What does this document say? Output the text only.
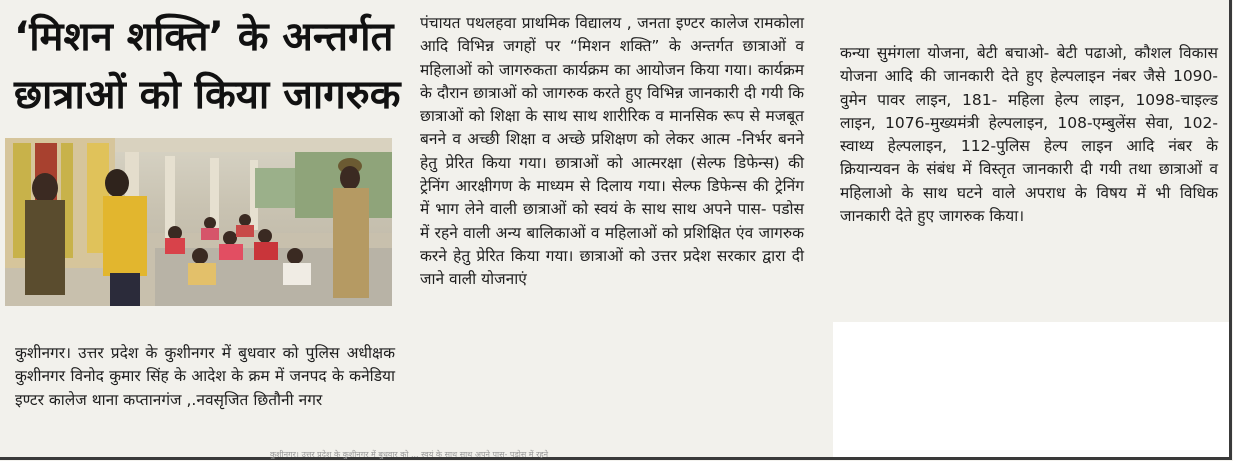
‘मिशन शक्ति’ के अन्तर्गत छात्राओं को किया जागरुक

कुशीनगर। उत्तर प्रदेश के कुशीनगर में बुधवार को पुलिस अधीक्षक कुशीनगर विनोद कुमार सिंह के आदेश के क्रम में जनपद के कनेडिया इण्टर कालेज थाना कप्तानगंज ,.नवसृजित छितौनी नगर

पंचायत पथलहवा प्राथमिक विद्यालय , जनता इण्टर कालेज रामकोला आदि विभिन्न जगहों पर “मिशन शक्ति” के अन्तर्गत छात्राओं व महिलाओं को जागरुकता कार्यक्रम का आयोजन किया गया। कार्यक्रम के दौरान छात्राओं को जागरुक करते हुए विभिन्न जानकारी दी गयी कि छात्राओं को शिक्षा के साथ साथ शारीरिक व मानसिक रूप से मजबूत बनने व अच्छी शिक्षा व अच्छे प्रशिक्षण को लेकर आत्म -निर्भर बनने हेतु प्रेरित किया गया। छात्राओं को आत्मरक्षा (सेल्फ डिफेन्स) की ट्रेनिंग आरक्षीगण के माध्यम से दिलाय गया। सेल्फ डिफेन्स की ट्रेनिंग में भाग लेने वाली छात्राओं को स्वयं के साथ साथ अपने पास- पडोस में रहने वाली अन्य बालिकाओं व महिलाओं को प्रशिक्षित एंव जागरुक करने हेतु प्रेरित किया गया। छात्राओं को उत्तर प्रदेश सरकार द्वारा दी जाने वाली योजनाएं

कन्या सुमंगला योजना, बेटी बचाओ- बेटी पढाओ, कौशल विकास योजना आदि की जानकारी देते हुए हेल्पलाइन नंबर जैसे 1090-वुमेन पावर लाइन, 181- महिला हेल्प लाइन, 1098-चाइल्ड लाइन, 1076-मुख्यमंत्री हेल्पलाइन, 108-एम्बुलेंस सेवा, 102-स्वाथ्य हेल्पलाइन, 112-पुलिस हेल्प लाइन आदि नंबर के क्रियान्यवन के संबंध में विस्तृत जानकारी दी गयी तथा छात्राओं व महिलाओ के साथ घटने वाले अपराध के विषय में भी विधिक जानकारी देते हुए जागरुक किया।

कुशीनगर। उत्तर प्रदेश के कुशीनगर में बुधवार को ... स्वयं के साथ साथ अपने पास- पडोस में रहने
